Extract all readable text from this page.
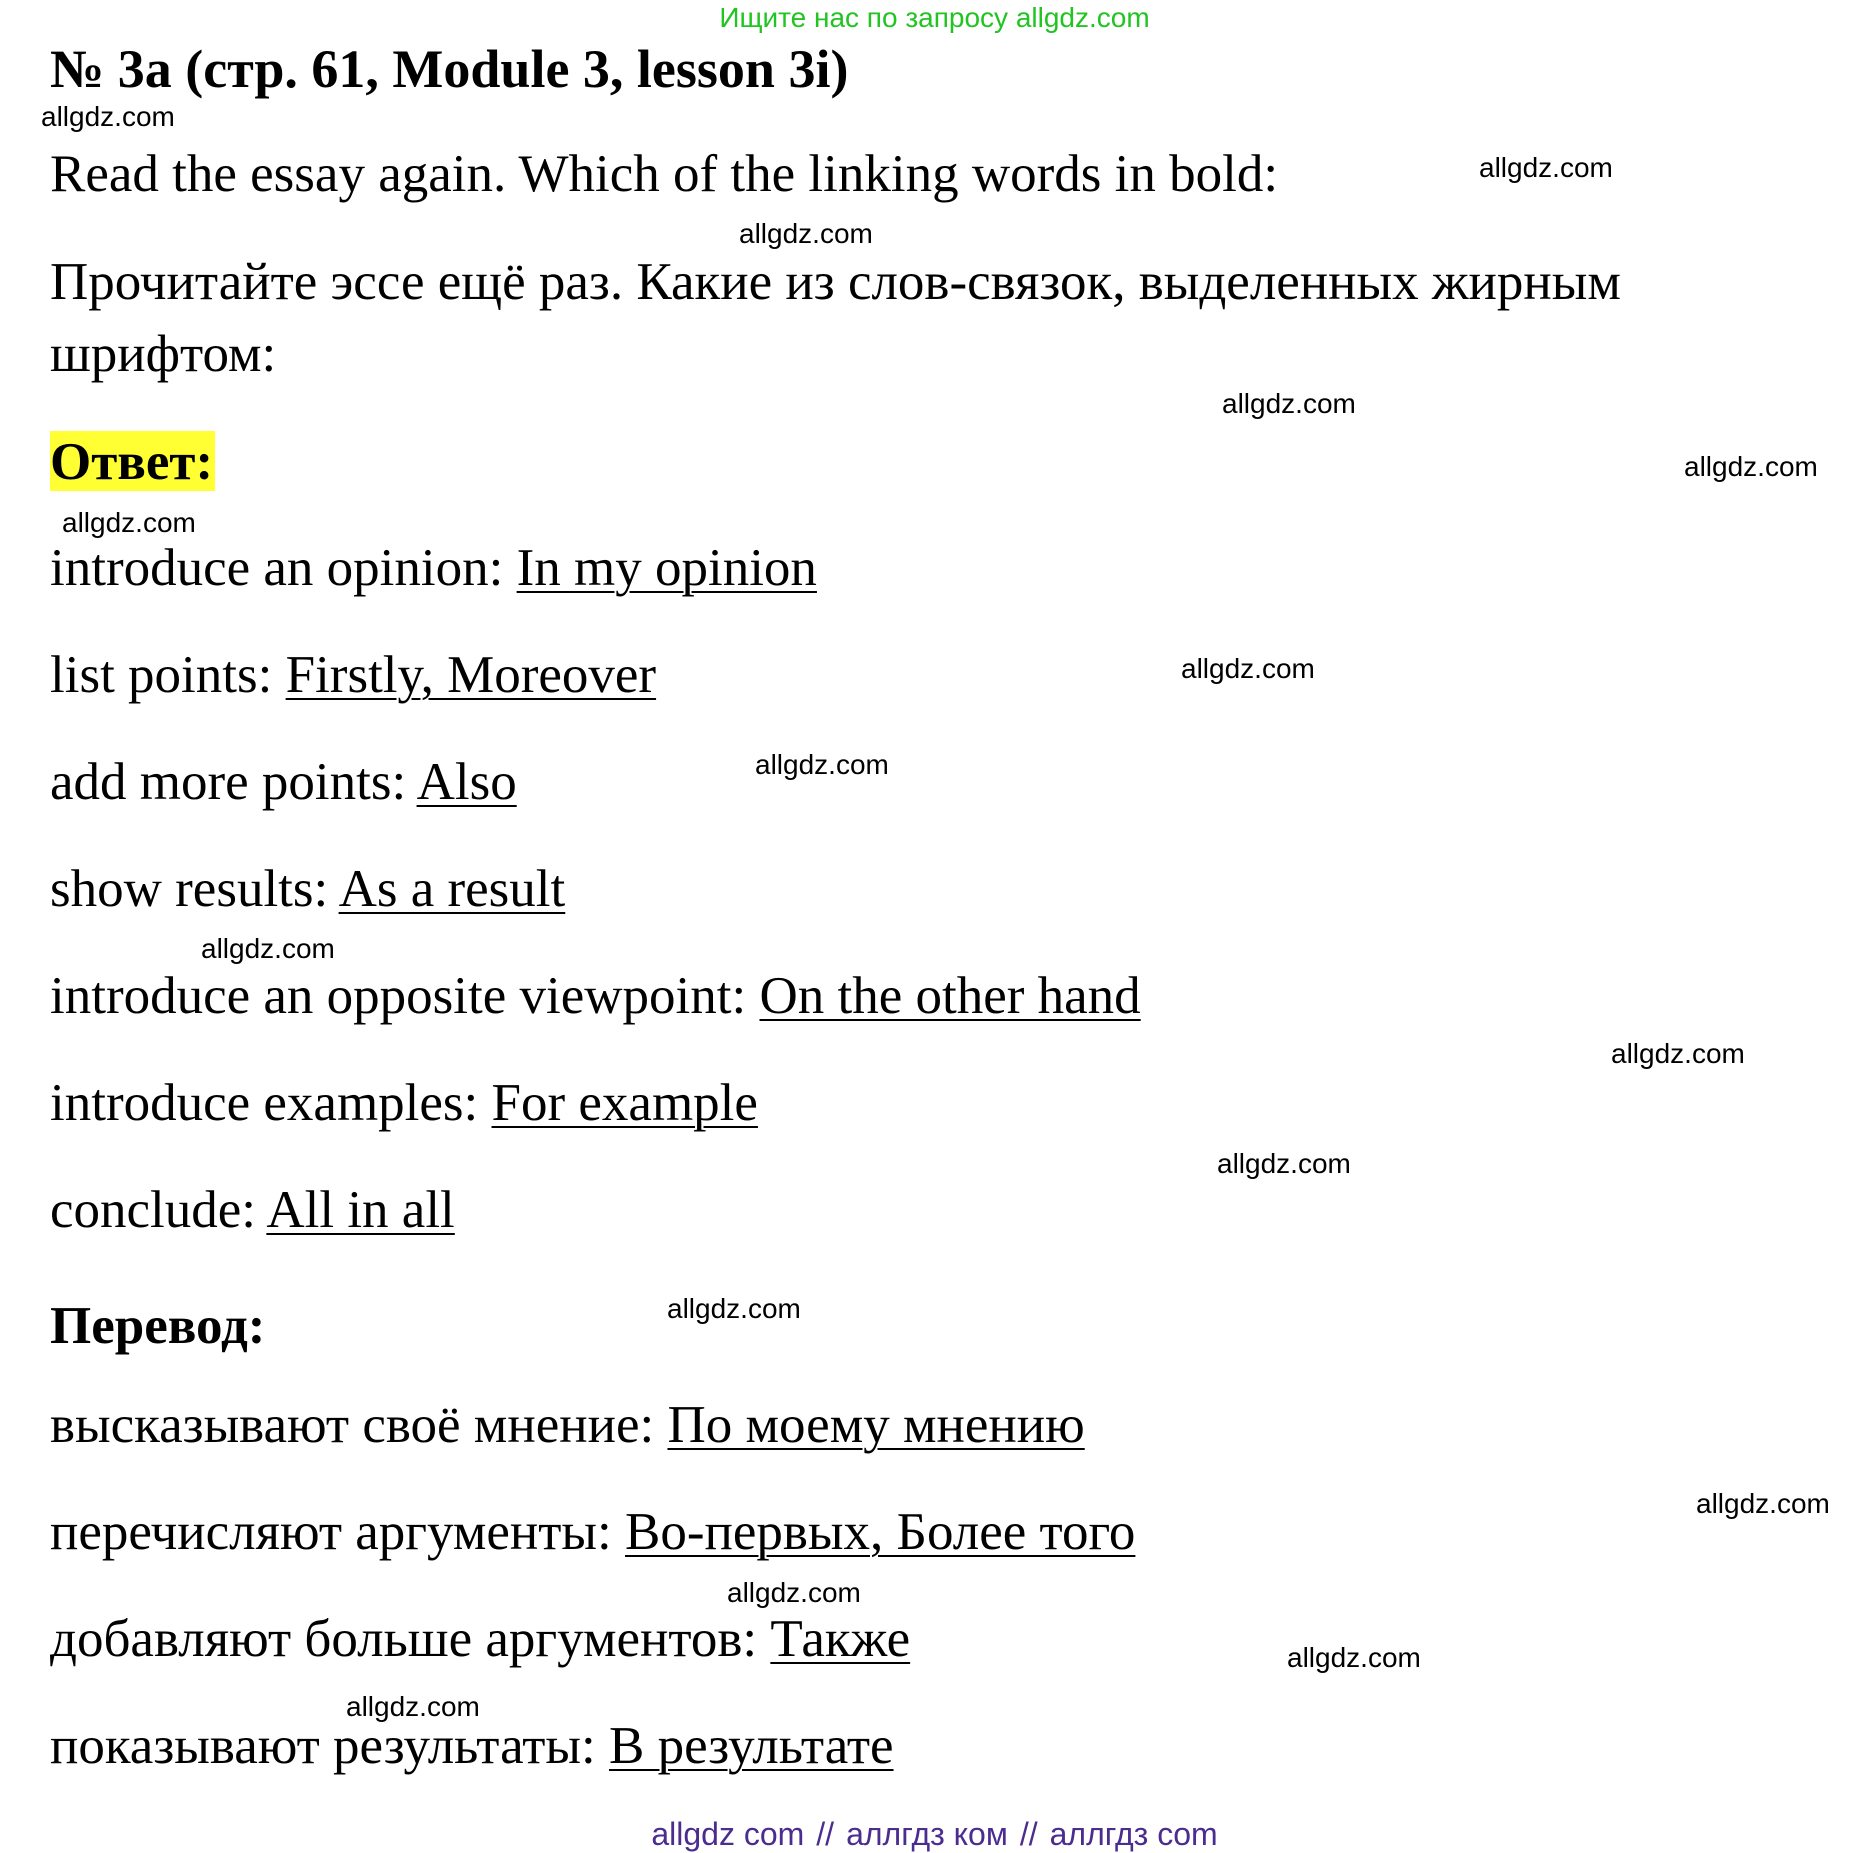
Ищите нас по запросу allgdz.com
№ 3a (стр. 61, Module 3, lesson 3i)
Read the essay again. Which of the linking words in bold:
Прочитайте эссе ещё раз. Какие из слов-связок, выделенных жирным
шрифтом:
Ответ:
introduce an opinion: In my opinion
list points: Firstly, Moreover
add more points: Also
show results: As a result
introduce an opposite viewpoint: On the other hand
introduce examples: For example
conclude: All in all
Перевод:
высказывают своё мнение: По моему мнению
перечисляют аргументы: Во-первых, Более того
добавляют больше аргументов: Также
показывают результаты: В результате
allgdz.com
allgdz.com
allgdz.com
allgdz.com
allgdz.com
allgdz.com
allgdz.com
allgdz.com
allgdz.com
allgdz.com
allgdz.com
allgdz.com
allgdz.com
allgdz.com
allgdz.com
allgdz.com
allgdz com // аллгдз ком // аллгдз com
